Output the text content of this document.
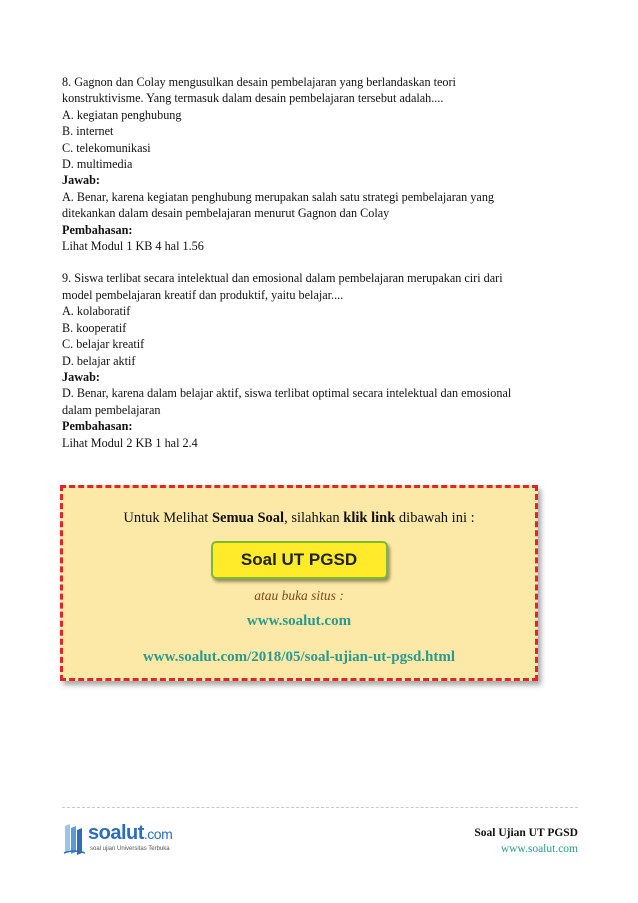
8. Gagnon dan Colay mengusulkan desain pembelajaran yang berlandaskan teori

konstruktivisme. Yang termasuk dalam desain pembelajaran tersebut adalah....

A. kegiatan penghubung

B. internet

C. telekomunikasi

D. multimedia

Jawab:

A. Benar, karena kegiatan penghubung merupakan salah satu strategi pembelajaran yang

ditekankan dalam desain pembelajaran menurut Gagnon dan Colay

Pembahasan:

Lihat Modul 1 KB 4 hal 1.56

9. Siswa terlibat secara intelektual dan emosional dalam pembelajaran merupakan ciri dari

model pembelajaran kreatif dan produktif, yaitu belajar....

A. kolaboratif

B. kooperatif

C. belajar kreatif

D. belajar aktif

Jawab:

D. Benar, karena dalam belajar aktif, siswa terlibat optimal secara intelektual dan emosional

dalam pembelajaran

Pembahasan:

Lihat Modul 2 KB 1 hal 2.4

Untuk Melihat Semua Soal, silahkan klik link dibawah ini :
Soal UT PGSD
atau buka situs :
www.soalut.com
www.soalut.com/2018/05/soal-ujian-ut-pgsd.html
soalut.com
soal ujian Universitas Terbuka
Soal Ujian UT PGSD
www.soalut.com
